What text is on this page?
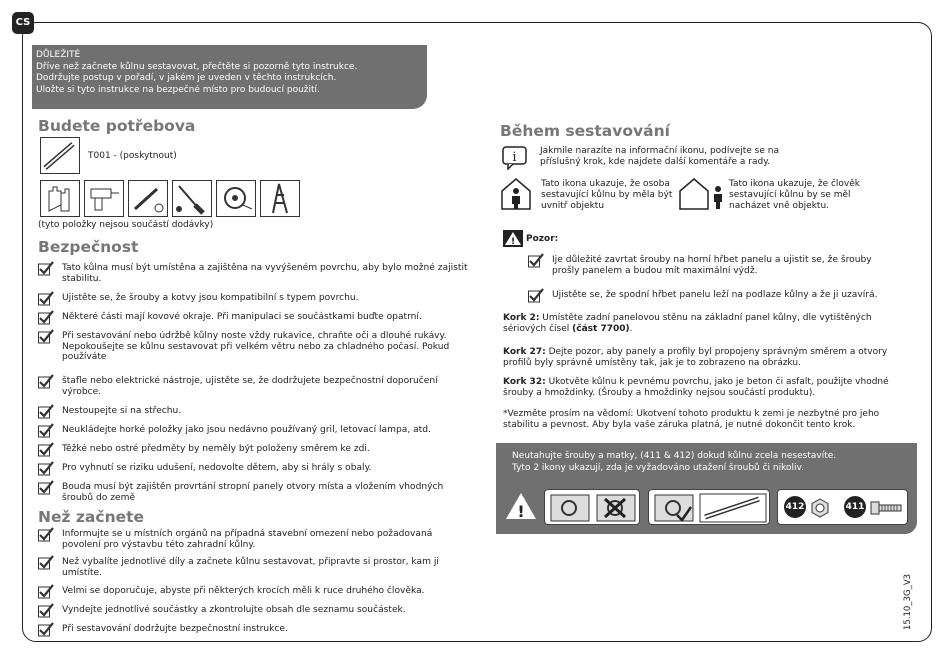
CS
DŮLEŽITÉ
Dříve než začnete kůlnu sestavovat, přečtěte si pozorně tyto instrukce.
Dodržujte postup v pořadí, v jakém je uveden v těchto instrukcích.
Uložte si tyto instrukce na bezpečné místo pro budoucí použití.
Budete potřebova
T001 - (poskytnout)
(tyto položky nejsou součástí dodávky)
Bezpečnost
Tato kůlna musí být umístěna a zajištěna na vyvýšeném povrchu, aby bylo možné zajistit stabilitu.
Ujistěte se, že šrouby a kotvy jsou kompatibilní s typem povrchu.
Některé části mají kovové okraje. Při manipulaci se součástkami buďte opatrní.
Při sestavování nebo údržbě kůlny noste vždy rukavice, chraňte oči a dlouhé rukávy. Nepokoušejte se kůlnu sestavovat při velkém větru nebo za chladného počasí. Pokud používáte
štafle nebo elektrické nástroje, ujistěte se, že dodržujete bezpečnostní doporučení výrobce.
Nestoupejte si na střechu.
Neukládejte horké položky jako jsou nedávno používaný gril, letovací lampa, atd.
Těžké nebo ostré předměty by neměly být položeny směrem ke zdi.
Pro vyhnutí se riziku udušení, nedovolte dětem, aby si hrály s obaly.
Bouda musí být zajištěn provrtání stropní panely otvory místa a vložením vhodných šroubů do země
Než začnete
Informujte se u místních orgánů na případná stavební omezení nebo požadovaná povolení pro výstavbu této zahradní kůlny.
Než vybalíte jednotlivé díly a začnete kůlnu sestavovat, připravte si prostor, kam ji umístíte.
Velmi se doporučuje, abyste při některých krocích měli k ruce druhého člověka.
Vyndejte jednotlivé součástky a zkontrolujte obsah dle seznamu součástek.
Při sestavování dodržujte bezpečnostní instrukce.
Během sestavování
i	Jakmile narazíte na informační ikonu, podívejte se na příslušný krok, kde najdete další komentáře a rady.
Tato ikona ukazuje, že osoba sestavující kůlnu by měla být uvnitř objektu
Tato ikona ukazuje, že člověk sestavující kůlnu by se měl nacházet vně objektu.
! Pozor:
Ije důležité zavrtat šrouby na horní hřbet panelu a ujistit se, že šrouby prošly panelem a budou mít maximální výdž.
Ujistěte se, že spodní hřbet panelu leží na podlaze kůlny a že ji uzavírá.
Kork 2: Umístěte zadní panelovou stěnu na základní panel kůlny, dle vytištěných sériových čísel (část 7700).
Kork 27: Dejte pozor, aby panely a profily byl propojeny správným směrem a otvory profilů byly správně umístěny tak, jak je to zobrazeno na obrázku.
Kork 32: Ukotvěte kůlnu k pevnému povrchu, jako je beton či asfalt, použijte vhodné šrouby a hmoždinky. (Šrouby a hmoždinky nejsou součástí produktu).
*Vezměte prosím na vědomí: Ukotvení tohoto produktu k zemi je nezbytné pro jeho stabilitu a pevnost. Aby byla vaše záruka platná, je nutné dokončit tento krok.
Neutahujte šrouby a matky, (411 & 412) dokud kůlnu zcela nesestavíte.
Tyto 2 ikony ukazují, zda je vyžadováno utažení šroubů či nikoliv.
!	412	411
15.10_3G_V3
